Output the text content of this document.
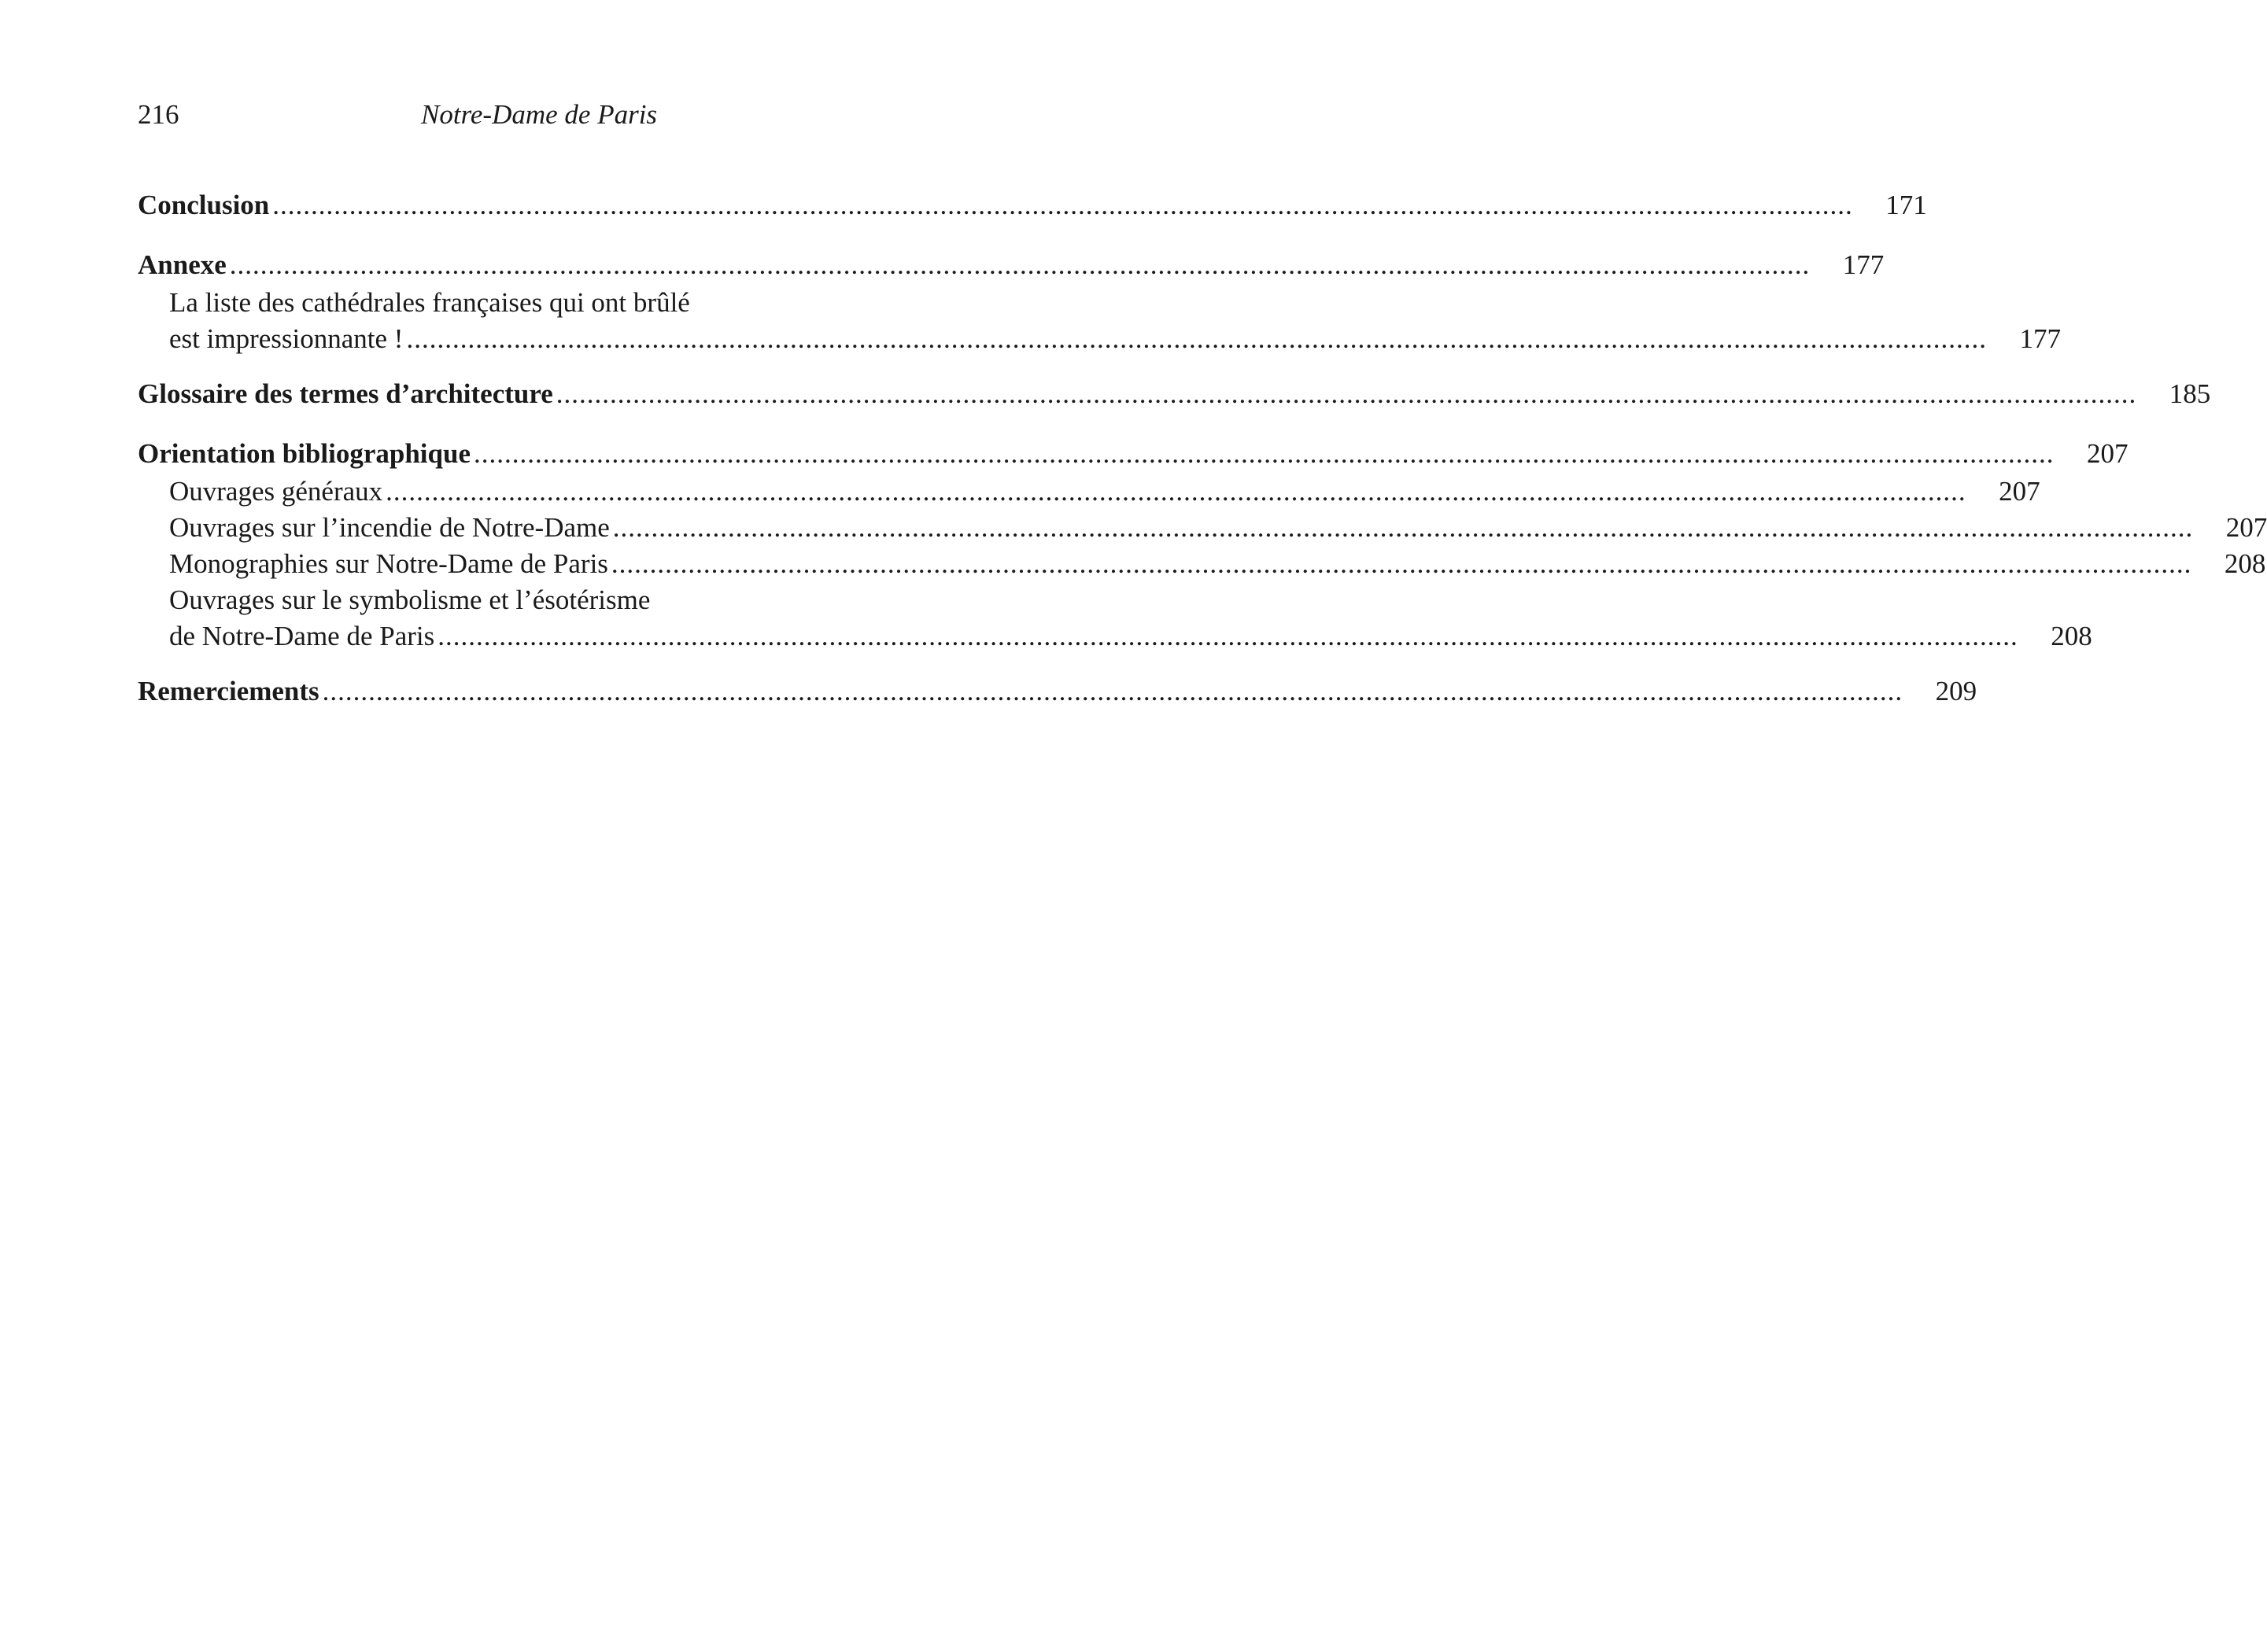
216	Notre-Dame de Paris
Conclusion ..............................................................................................................................................................................................................	171
Annexe ..............................................................................................................................................................................................................	177
La liste des cathédrales françaises qui ont brûlé
est impressionnante ! ..............................................................................................................................................................................................................	177
Glossaire des termes d’architecture ..............................................................................................................................................................................................................	185
Orientation bibliographique ..............................................................................................................................................................................................................	207
Ouvrages généraux ..............................................................................................................................................................................................................	207
Ouvrages sur l’incendie de Notre-Dame ..............................................................................................................................................................................................................	207
Monographies sur Notre-Dame de Paris ..............................................................................................................................................................................................................	208
Ouvrages sur le symbolisme et l’ésotérisme
de Notre-Dame de Paris ..............................................................................................................................................................................................................	208
Remerciements ..............................................................................................................................................................................................................	209
